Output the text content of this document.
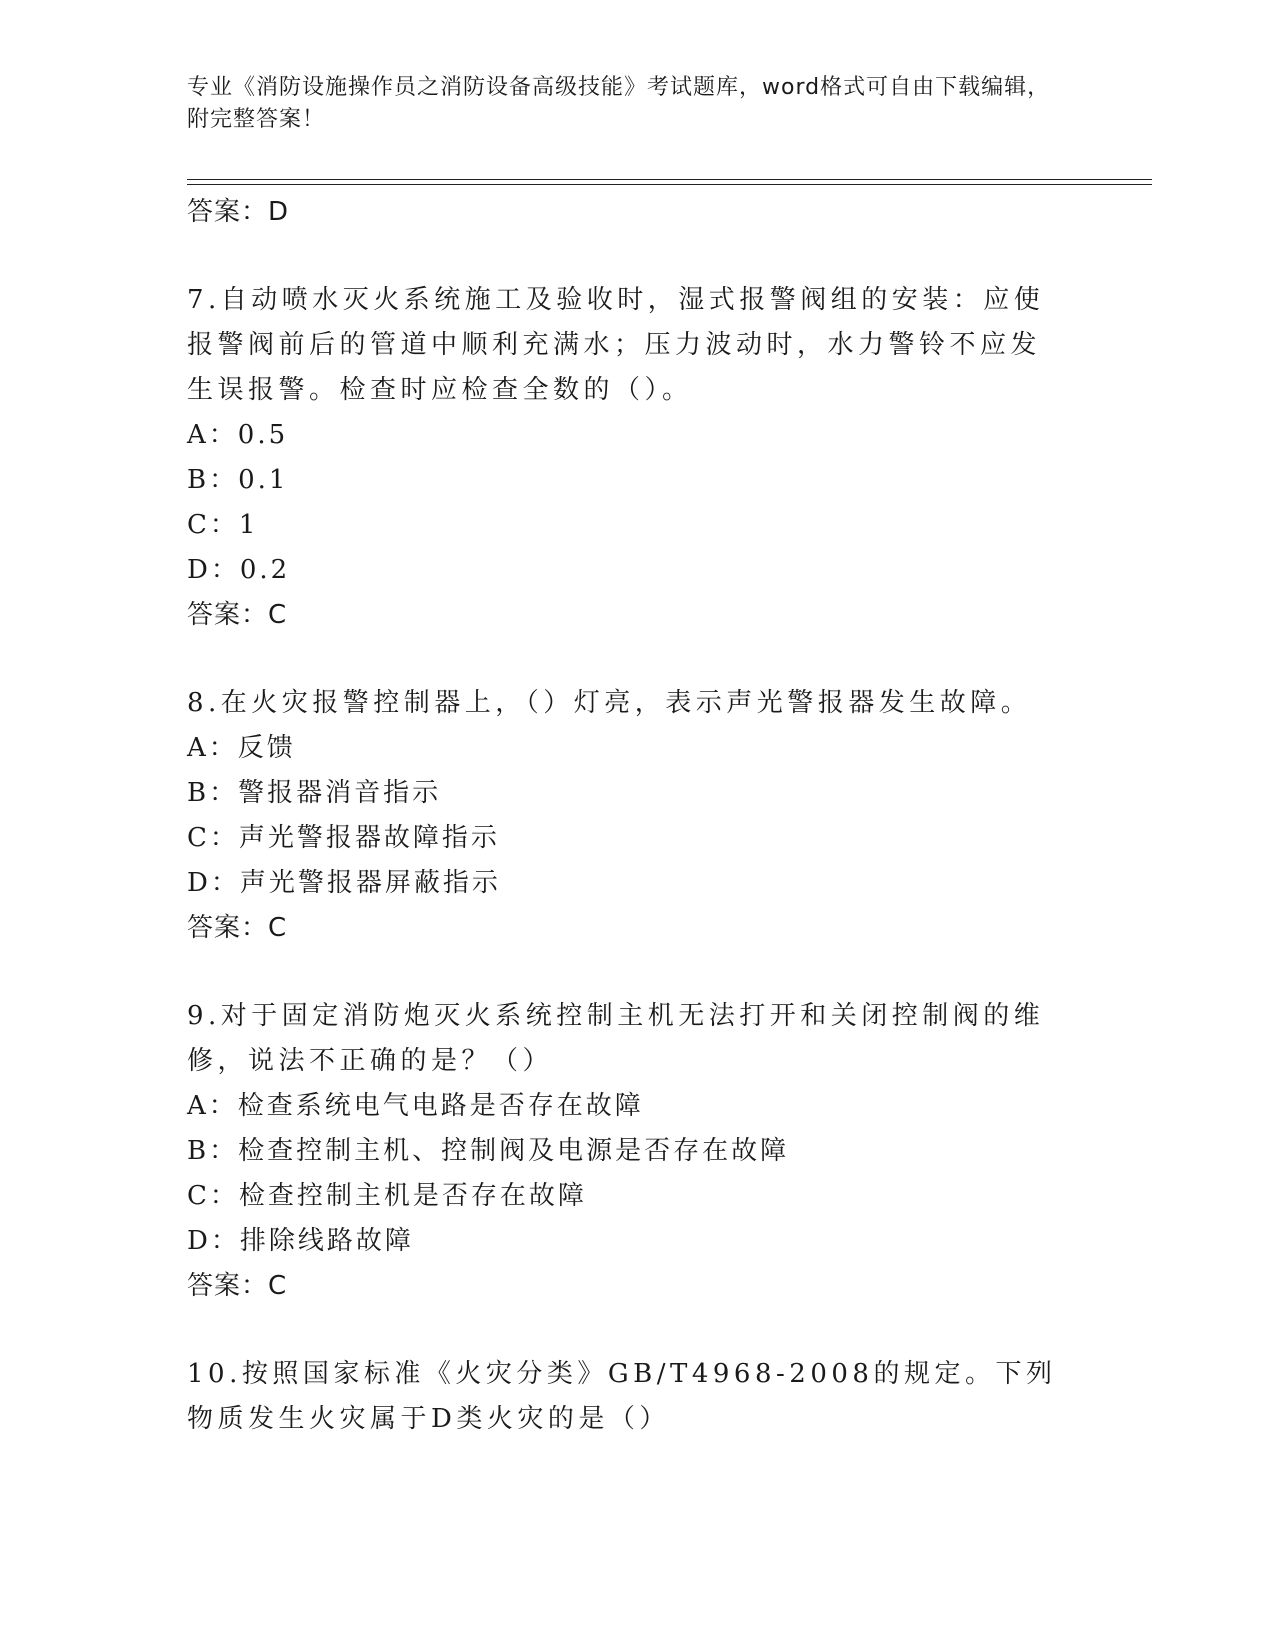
专业《消防设施操作员之消防设备高级技能》考试题库，word格式可自由下载编辑，附完整答案！

答案：D

7.自动喷水灭火系统施工及验收时，湿式报警阀组的安装：应使报警阀前后的管道中顺利充满水；压力波动时，水力警铃不应发生误报警。检查时应检查全数的（）。

A：0.5

B：0.1

C：1

D：0.2

答案：C

8.在火灾报警控制器上，（）灯亮，表示声光警报器发生故障。

A：反馈

B：警报器消音指示

C：声光警报器故障指示

D：声光警报器屏蔽指示

答案：C

9.对于固定消防炮灭火系统控制主机无法打开和关闭控制阀的维修，说法不正确的是？（）

A：检查系统电气电路是否存在故障

B：检查控制主机、控制阀及电源是否存在故障

C：检查控制主机是否存在故障

D：排除线路故障

答案：C

10.按照国家标准《火灾分类》GB/T4968-2008的规定。下列物质发生火灾属于D类火灾的是（）
